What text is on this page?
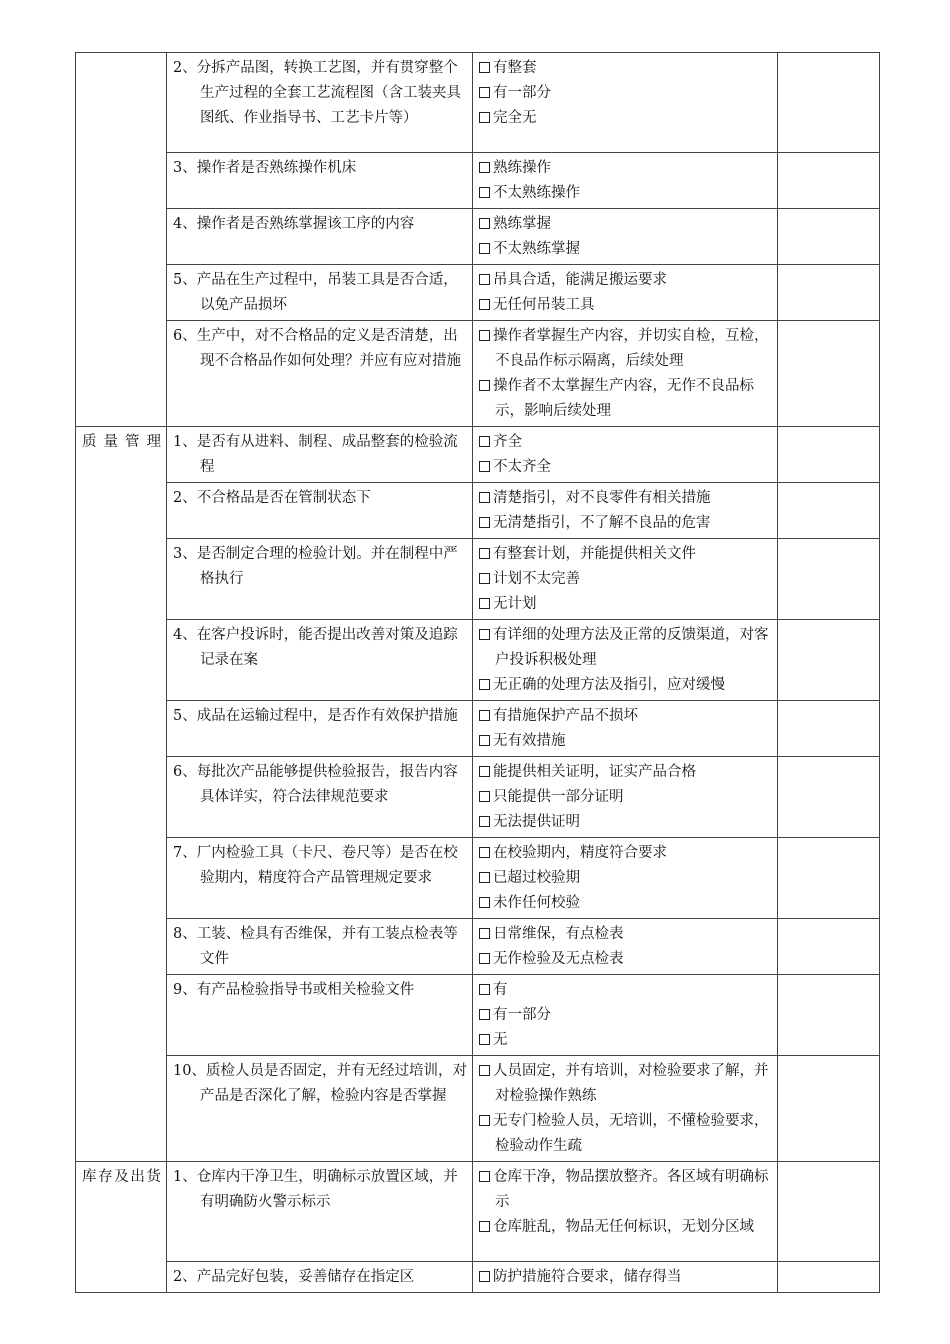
	2、分拆产品图，转换工艺图，并有贯穿整个生产过程的全套工艺流程图（含工装夹具图纸、作业指导书、工艺卡片等）	有整套
有一部分
完全无	

	3、操作者是否熟练操作机床	熟练操作
不太熟练操作	

	4、操作者是否熟练掌握该工序的内容	熟练掌握
不太熟练掌握	

	5、产品在生产过程中，吊装工具是否合适，以免产品损坏	吊具合适，能满足搬运要求
无任何吊装工具	

	6、生产中，对不合格品的定义是否清楚，出现不合格品作如何处理？并应有应对措施	操作者掌握生产内容，并切实自检，互检，不良品作标示隔离，后续处理
操作者不太掌握生产内容，无作不良品标示，影响后续处理	

质量管理	1、是否有从进料、制程、成品整套的检验流程	齐全
不太齐全	

	2、不合格品是否在管制状态下	清楚指引，对不良零件有相关措施
无清楚指引，不了解不良品的危害	

	3、是否制定合理的检验计划。并在制程中严格执行	有整套计划，并能提供相关文件
计划不太完善
无计划	

	4、在客户投诉时，能否提出改善对策及追踪记录在案	有详细的处理方法及正常的反馈渠道，对客户投诉积极处理
无正确的处理方法及指引，应对缓慢	

	5、成品在运输过程中，是否作有效保护措施	有措施保护产品不损坏
无有效措施	

	6、每批次产品能够提供检验报告，报告内容具体详实，符合法律规范要求	能提供相关证明，证实产品合格
只能提供一部分证明
无法提供证明	

	7、厂内检验工具（卡尺、卷尺等）是否在校验期内，精度符合产品管理规定要求	在校验期内，精度符合要求
已超过校验期
未作任何校验	

	8、工装、检具有否维保，并有工装点检表等文件	日常维保，有点检表
无作检验及无点检表	

	9、有产品检验指导书或相关检验文件	有
有一部分
无	

	10、质检人员是否固定，并有无经过培训，对产品是否深化了解，检验内容是否掌握	人员固定，并有培训，对检验要求了解，并对检验操作熟练
无专门检验人员，无培训，不懂检验要求，检验动作生疏	

库存及出货	1、仓库内干净卫生，明确标示放置区域，并有明确防火警示标示	仓库干净，物品摆放整齐。各区域有明确标示
仓库脏乱，物品无任何标识，无划分区域	

	2、产品完好包装，妥善储存在指定区	防护措施符合要求，储存得当	
